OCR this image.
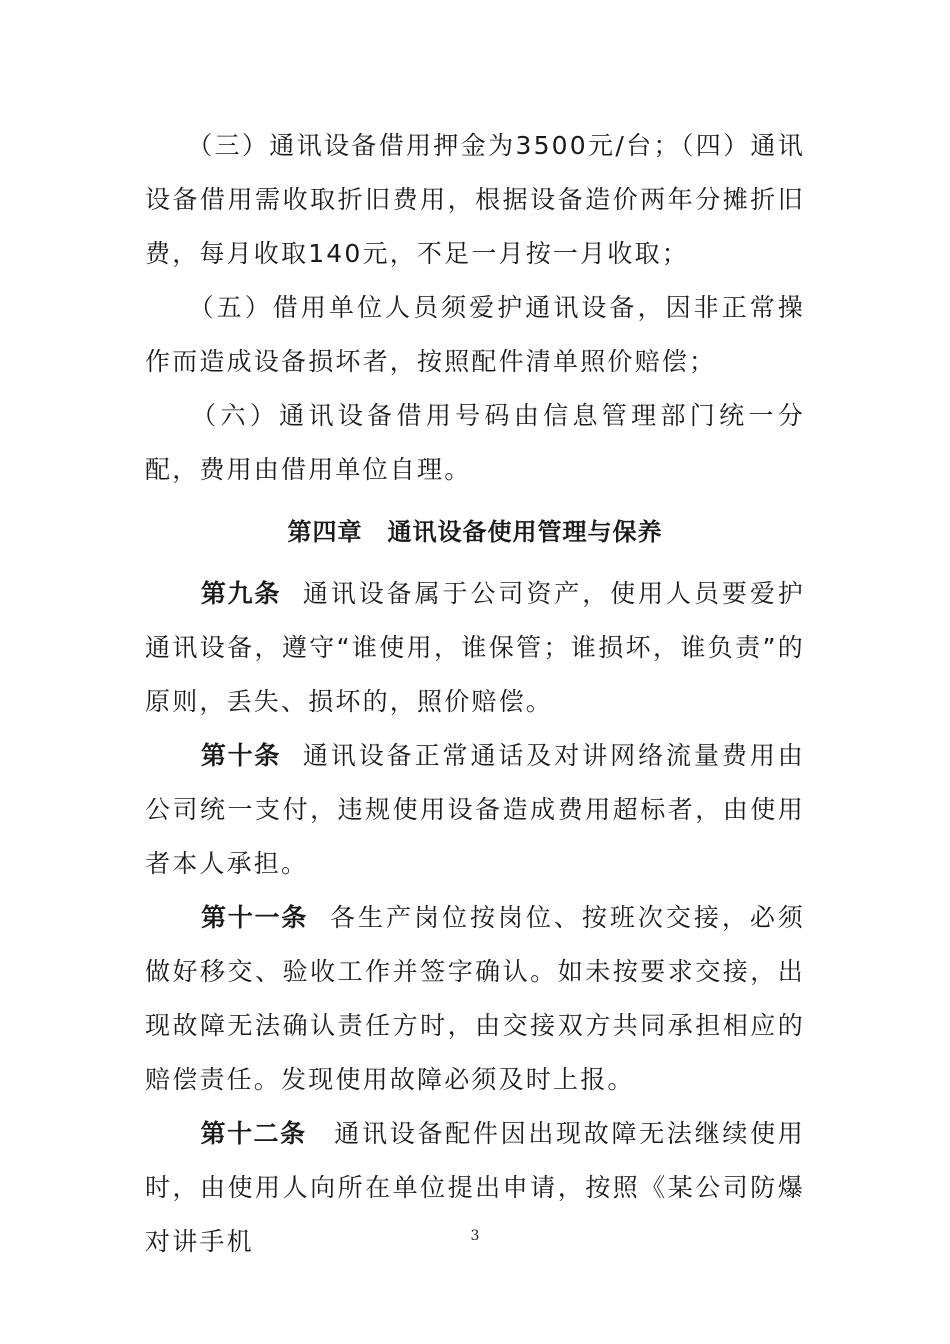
　　（三）通讯设备借用押金为3500元/台；（四）通讯设备借用需收取折旧费用，根据设备造价两年分摊折旧费，每月收取140元，不足一月按一月收取；

　　（五）借用单位人员须爱护通讯设备，因非正常操作而造成设备损坏者，按照配件清单照价赔偿；

　　（六）通讯设备借用号码由信息管理部门统一分配，费用由借用单位自理。

第四章　通讯设备使用管理与保养

　　第九条 通讯设备属于公司资产，使用人员要爱护通讯设备，遵守“谁使用，谁保管；谁损坏，谁负责”的原则，丢失、损坏的，照价赔偿。

　　第十条 通讯设备正常通话及对讲网络流量费用由公司统一支付，违规使用设备造成费用超标者，由使用者本人承担。

　　第十一条 各生产岗位按岗位、按班次交接，必须做好移交、验收工作并签字确认。如未按要求交接，出现故障无法确认责任方时，由交接双方共同承担相应的赔偿责任。发现使用故障必须及时上报。

　　第十二条　 通讯设备配件因出现故障无法继续使用时，由使用人向所在单位提出申请，按照《某公司防爆对讲手机	3
